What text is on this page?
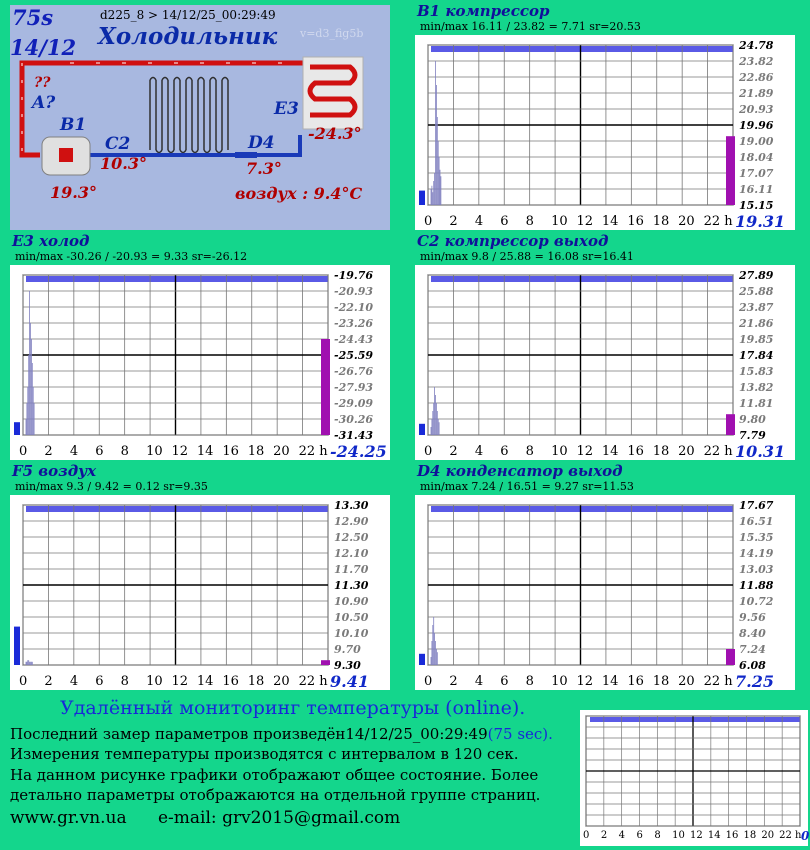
75s
14/12
d225_8 > 14/12/25_00:29:49
Холодильник v=d3_fig5b
??
A?
B1
19.3°
C2
10.3°
D4
7.3°
E3
-24.3°
воздух : 9.4°C
B1 компрессор
min/max 16.11 / 23.82 = 7.71 sr=20.53
24.78
23.82
22.86
21.89
20.93
19.96
19.00
18.04
17.07
16.11
15.15
0 2 4 6 8 10 12 14 16 18 20 22 h 19.31
E3 холод
min/max -30.26 / -20.93 = 9.33 sr=-26.12
-19.76
-20.93
-22.10
-23.26
-24.43
-25.59
-26.76
-27.93
-29.09
-30.26
-31.43
0 2 4 6 8 10 12 14 16 18 20 22 h -24.25
C2 компрессор выход
min/max 9.8 / 25.88 = 16.08 sr=16.41
27.89
25.88
23.87
21.86
19.85
17.84
15.83
13.82
11.81
9.80
7.79
0 2 4 6 8 10 12 14 16 18 20 22 h 10.31
F5 воздух
min/max 9.3 / 9.42 = 0.12 sr=9.35
13.30
12.90
12.50
12.10
11.70
11.30
10.90
10.50
10.10
9.70
9.30
0 2 4 6 8 10 12 14 16 18 20 22 h 9.41
D4 конденсатор выход
min/max 7.24 / 16.51 = 9.27 sr=11.53
17.67
16.51
15.35
14.19
13.03
11.88
10.72
9.56
8.40
7.24
6.08
0 2 4 6 8 10 12 14 16 18 20 22 h 7.25
Удалённый мониторинг температуры (online).
Последний замер параметров произведён14/12/25_00:29:49(75 sec).
Измерения температуры производятся с интервалом в 120 сек.
На данном рисунке графики отображают общее состояние. Более
детально параметры отображаются на отдельной группе страниц.
www.gr.vn.ua e-mail: grv2015@gmail.com
0 2 4 6 8 10 12 14 16 18 20 22 h 0
